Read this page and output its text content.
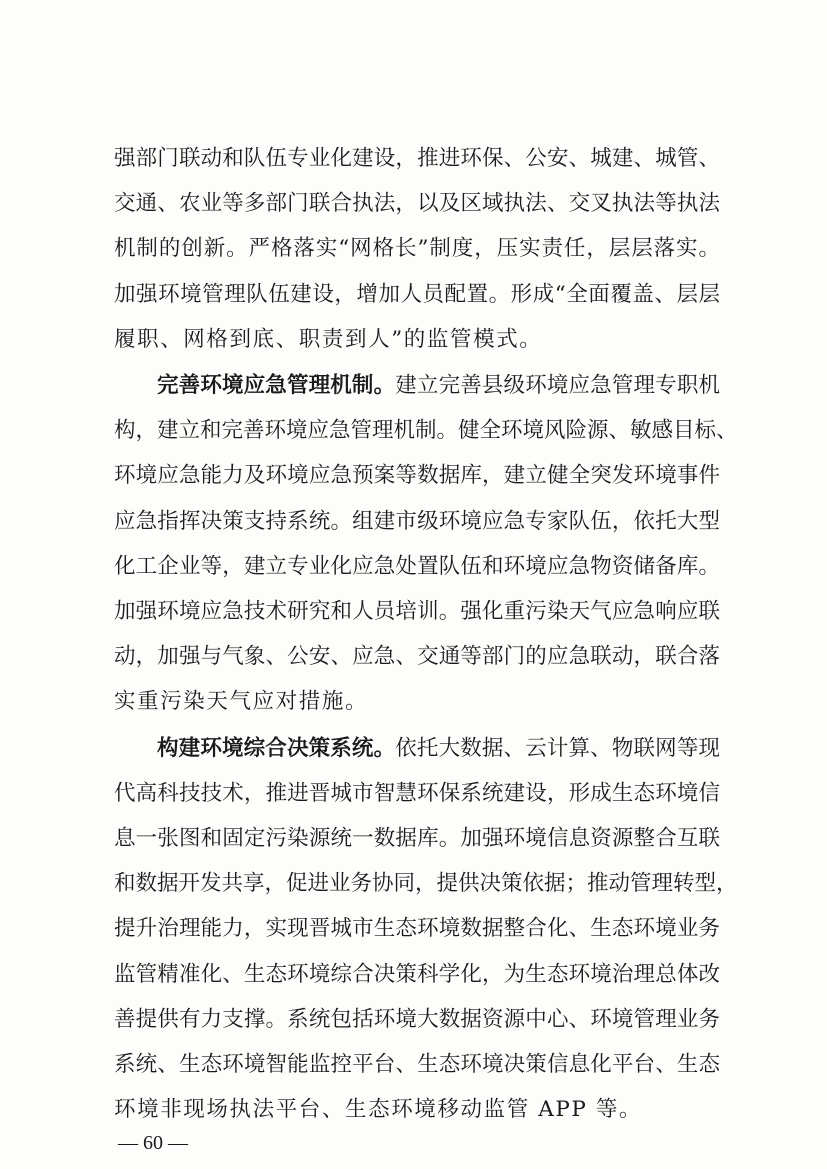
强部门联动和队伍专业化建设，推进环保、公安、城建、城管、
交通、农业等多部门联合执法，以及区域执法、交叉执法等执法
机制的创新。严格落实“网格长”制度，压实责任，层层落实。
加强环境管理队伍建设，增加人员配置。形成“全面覆盖、层层
履职、网格到底、职责到人”的监管模式。
完善环境应急管理机制。建立完善县级环境应急管理专职机
构，建立和完善环境应急管理机制。健全环境风险源、敏感目标、
环境应急能力及环境应急预案等数据库，建立健全突发环境事件
应急指挥决策支持系统。组建市级环境应急专家队伍，依托大型
化工企业等，建立专业化应急处置队伍和环境应急物资储备库。
加强环境应急技术研究和人员培训。强化重污染天气应急响应联
动，加强与气象、公安、应急、交通等部门的应急联动，联合落
实重污染天气应对措施。
构建环境综合决策系统。依托大数据、云计算、物联网等现
代高科技技术，推进晋城市智慧环保系统建设，形成生态环境信
息一张图和固定污染源统一数据库。加强环境信息资源整合互联
和数据开发共享，促进业务协同，提供决策依据；推动管理转型，
提升治理能力，实现晋城市生态环境数据整合化、生态环境业务
监管精准化、生态环境综合决策科学化，为生态环境治理总体改
善提供有力支撑。系统包括环境大数据资源中心、环境管理业务
系统、生态环境智能监控平台、生态环境决策信息化平台、生态
环境非现场执法平台、生态环境移动监管 APP 等。
— 60 —
